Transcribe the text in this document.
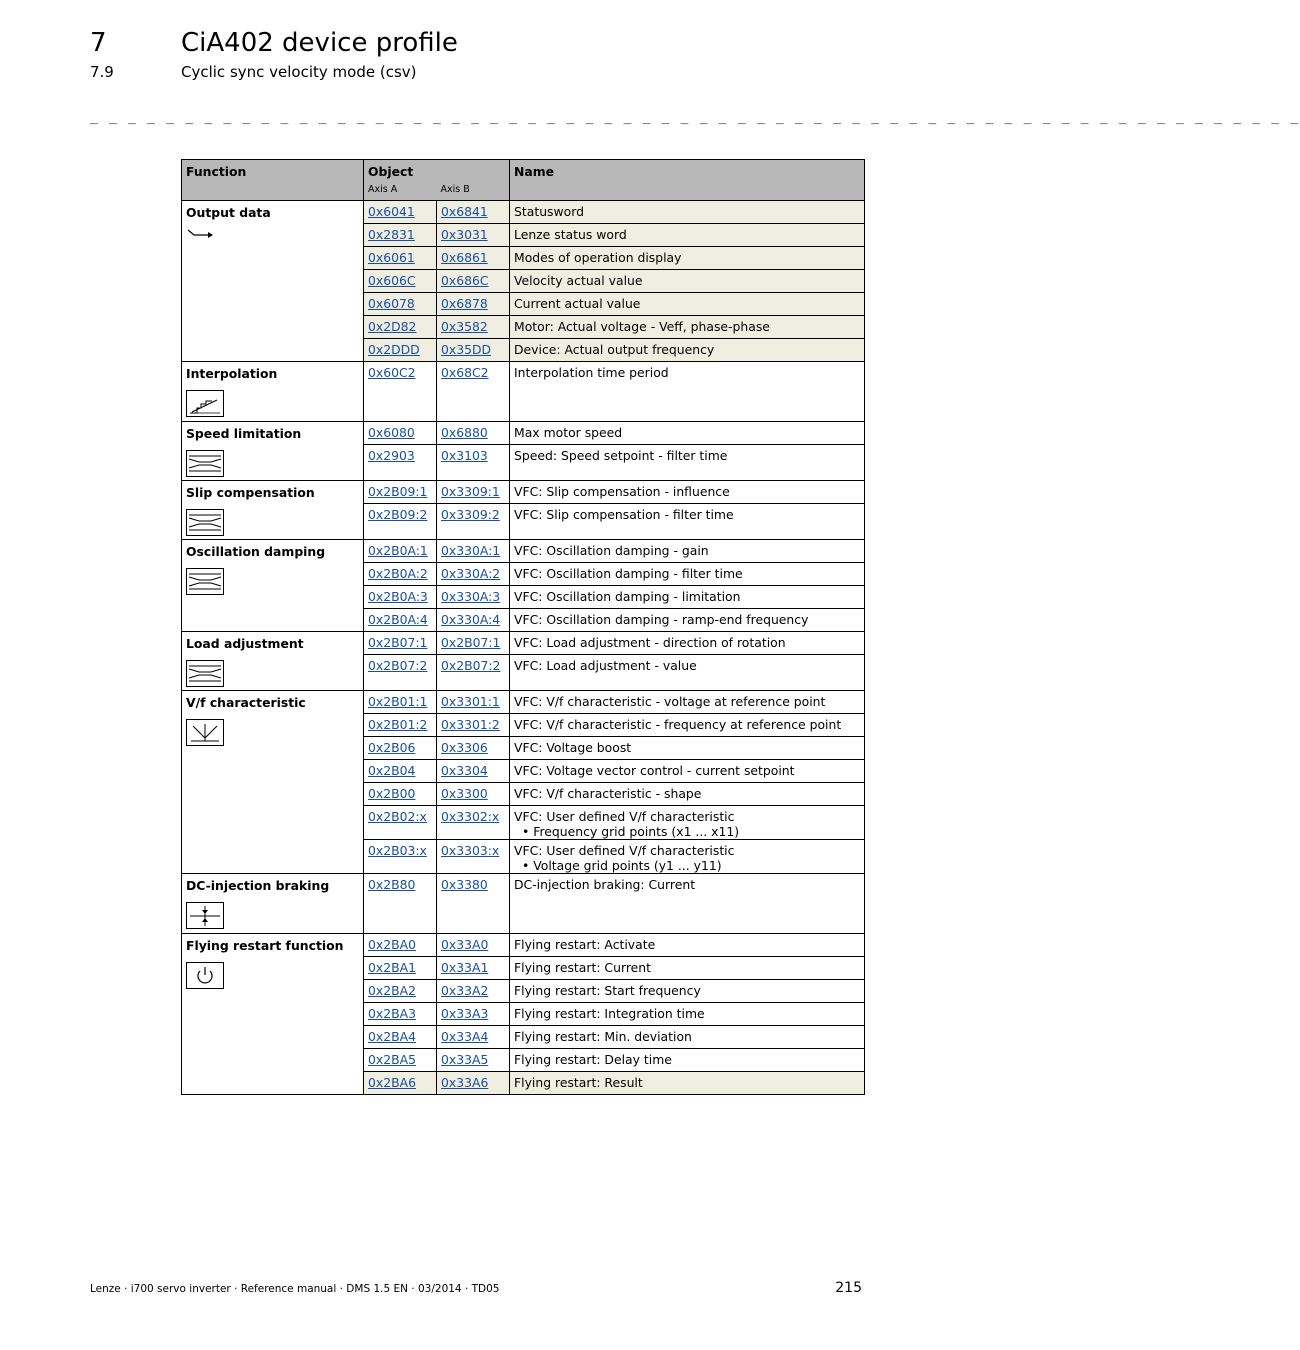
7	CiA402 device profile
7.9	Cyclic sync velocity mode (csv)
_ _ _ _ _ _ _ _ _ _ _ _ _ _ _ _ _ _ _ _ _ _ _ _ _ _ _ _ _ _ _ _ _ _ _ _ _ _ _ _ _ _ _ _ _ _ _ _ _ _ _ _ _ _ _ _ _ _ _ _ _ _ _ _
Function	Object		Name
	Axis A	Axis B	

Output data	0x6041	0x6841	Statusword
	0x2831	0x3031	Lenze status word
	0x6061	0x6861	Modes of operation display
	0x606C	0x686C	Velocity actual value
	0x6078	0x6878	Current actual value
	0x2D82	0x3582	Motor: Actual voltage - Veff, phase-phase
	0x2DDD	0x35DD	Device: Actual output frequency

Interpolation	0x60C2	0x68C2	Interpolation time period

Speed limitation	0x6080	0x6880	Max motor speed
	0x2903	0x3103	Speed: Speed setpoint - filter time

Slip compensation	0x2B09:1	0x3309:1	VFC: Slip compensation - influence
	0x2B09:2	0x3309:2	VFC: Slip compensation - filter time

Oscillation damping	0x2B0A:1	0x330A:1	VFC: Oscillation damping - gain
	0x2B0A:2	0x330A:2	VFC: Oscillation damping - filter time
	0x2B0A:3	0x330A:3	VFC: Oscillation damping - limitation
	0x2B0A:4	0x330A:4	VFC: Oscillation damping - ramp-end frequency

Load adjustment	0x2B07:1	0x2B07:1	VFC: Load adjustment - direction of rotation
	0x2B07:2	0x2B07:2	VFC: Load adjustment - value

V/f characteristic	0x2B01:1	0x3301:1	VFC: V/f characteristic - voltage at reference point
	0x2B01:2	0x3301:2	VFC: V/f characteristic - frequency at reference point
	0x2B06	0x3306	VFC: Voltage boost
	0x2B04	0x3304	VFC: Voltage vector control - current setpoint
	0x2B00	0x3300	VFC: V/f characteristic - shape
	0x2B02:x	0x3302:x	VFC: User defined V/f characteristic
• Frequency grid points (x1 ... x11)

	0x2B03:x	0x3303:x	VFC: User defined V/f characteristic
• Voltage grid points (y1 ... y11)

DC-injection braking	0x2B80	0x3380	DC-injection braking: Current

Flying restart function	0x2BA0	0x33A0	Flying restart: Activate
	0x2BA1	0x33A1	Flying restart: Current
	0x2BA2	0x33A2	Flying restart: Start frequency
	0x2BA3	0x33A3	Flying restart: Integration time
	0x2BA4	0x33A4	Flying restart: Min. deviation
	0x2BA5	0x33A5	Flying restart: Delay time
	0x2BA6	0x33A6	Flying restart: Result
Lenze · i700 servo inverter · Reference manual · DMS 1.5 EN · 03/2014 · TD05	215
